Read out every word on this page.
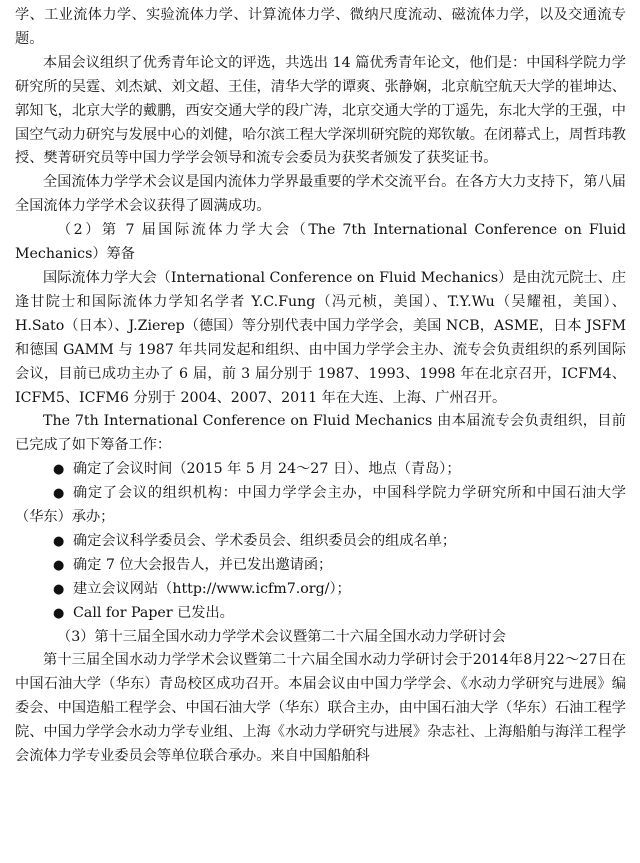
学、工业流体力学、实验流体力学、计算流体力学、微纳尺度流动、磁流体力学，以及交通流专题。

本届会议组织了优秀青年论文的评选，共选出 14 篇优秀青年论文，他们是：中国科学院力学研究所的吴霆、刘杰斌、刘文超、王佳，清华大学的谭爽、张静娴，北京航空航天大学的崔坤达、郭知飞，北京大学的戴鹏，西安交通大学的段广涛，北京交通大学的丁遥先，东北大学的王强，中国空气动力研究与发展中心的刘健，哈尔滨工程大学深圳研究院的郑钦敏。在闭幕式上，周哲玮教授、樊菁研究员等中国力学学会领导和流专会委员为获奖者颁发了获奖证书。

全国流体力学学术会议是国内流体力学界最重要的学术交流平台。在各方大力支持下，第八届全国流体力学学术会议获得了圆满成功。

（2）第 7 届国际流体力学大会（The 7th International Conference on Fluid Mechanics）筹备

国际流体力学大会（International Conference on Fluid Mechanics）是由沈元院士、庄逢甘院士和国际流体力学知名学者 Y.C.Fung（冯元桢，美国）、T.Y.Wu（吴耀祖，美国）、H.Sato（日本）、J.Zierep（德国）等分别代表中国力学学会，美国 NCB，ASME，日本 JSFM 和德国 GAMM 与 1987 年共同发起和组织、由中国力学学会主办、流专会负责组织的系列国际会议，目前已成功主办了 6 届，前 3 届分别于 1987、1993、1998 年在北京召开，ICFM4、ICFM5、ICFM6 分别于 2004、2007、2011 年在大连、上海、广州召开。

The 7th International Conference on Fluid Mechanics 由本届流专会负责组织，目前已完成了如下筹备工作：

● 确定了会议时间（2015 年 5 月 24～27 日）、地点（青岛）；
● 确定了会议的组织机构：中国力学学会主办，中国科学院力学研究所和中国石油大学（华东）承办；
● 确定会议科学委员会、学术委员会、组织委员会的组成名单；
● 确定 7 位大会报告人，并已发出邀请函；
● 建立会议网站（http://www.icfm7.org/）；
● Call for Paper 已发出。

（3）第十三届全国水动力学学术会议暨第二十六届全国水动力学研讨会

第十三届全国水动力学学术会议暨第二十六届全国水动力学研讨会于2014年8月22～27日在中国石油大学（华东）青岛校区成功召开。本届会议由中国力学学会、《水动力学研究与进展》编委会、中国造船工程学会、中国石油大学（华东）联合主办，由中国石油大学（华东）石油工程学院、中国力学学会水动力学专业组、上海《水动力学研究与进展》杂志社、上海船舶与海洋工程学会流体力学专业委员会等单位联合承办。来自中国船舶科
